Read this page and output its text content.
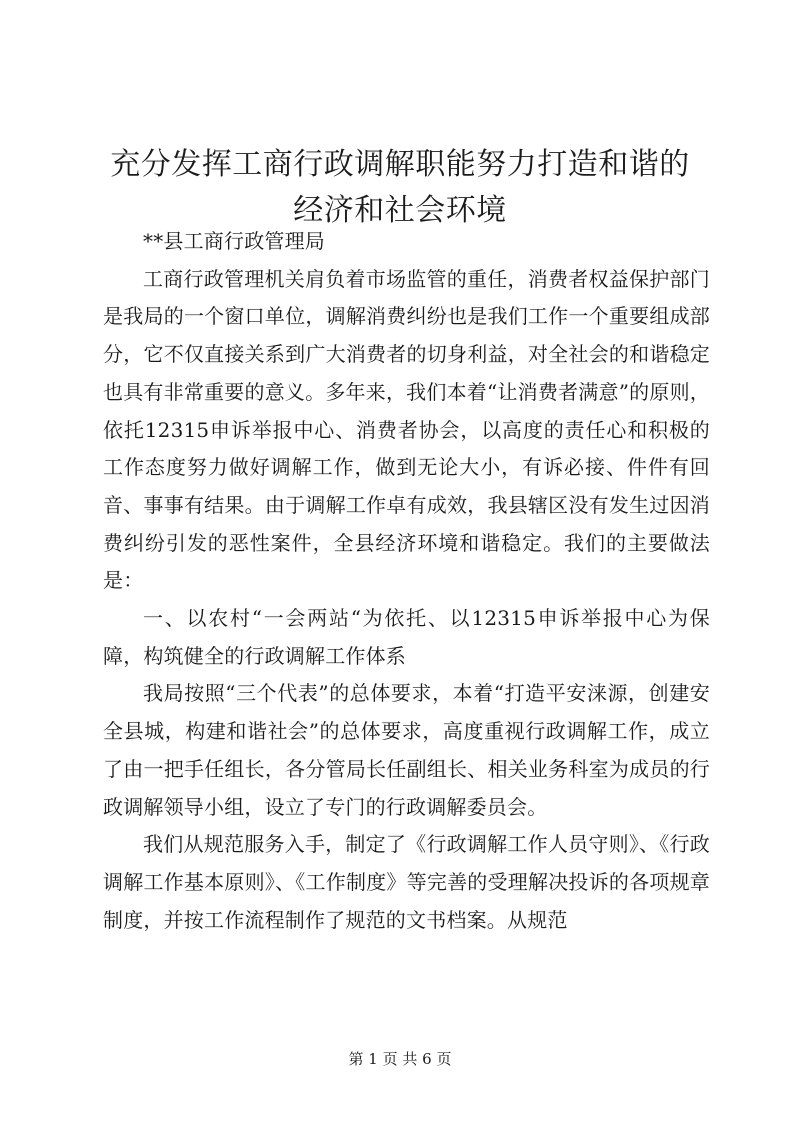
充分发挥工商行政调解职能努力打造和谐的经济和社会环境

**县工商行政管理局

工商行政管理机关肩负着市场监管的重任，消费者权益保护部门是我局的一个窗口单位，调解消费纠纷也是我们工作一个重要组成部分，它不仅直接关系到广大消费者的切身利益，对全社会的和谐稳定也具有非常重要的意义。多年来，我们本着“让消费者满意”的原则，依托12315申诉举报中心、消费者协会，以高度的责任心和积极的工作态度努力做好调解工作，做到无论大小，有诉必接、件件有回音、事事有结果。由于调解工作卓有成效，我县辖区没有发生过因消费纠纷引发的恶性案件，全县经济环境和谐稳定。我们的主要做法是：

一、以农村“一会两站“为依托、以12315申诉举报中心为保障，构筑健全的行政调解工作体系

我局按照“三个代表”的总体要求，本着“打造平安涞源，创建安全县城，构建和谐社会”的总体要求，高度重视行政调解工作，成立了由一把手任组长，各分管局长任副组长、相关业务科室为成员的行政调解领导小组，设立了专门的行政调解委员会。

我们从规范服务入手，制定了《行政调解工作人员守则》、《行政调解工作基本原则》、《工作制度》等完善的受理解决投诉的各项规章制度，并按工作流程制作了规范的文书档案。从规范

第 1 页 共 6 页
